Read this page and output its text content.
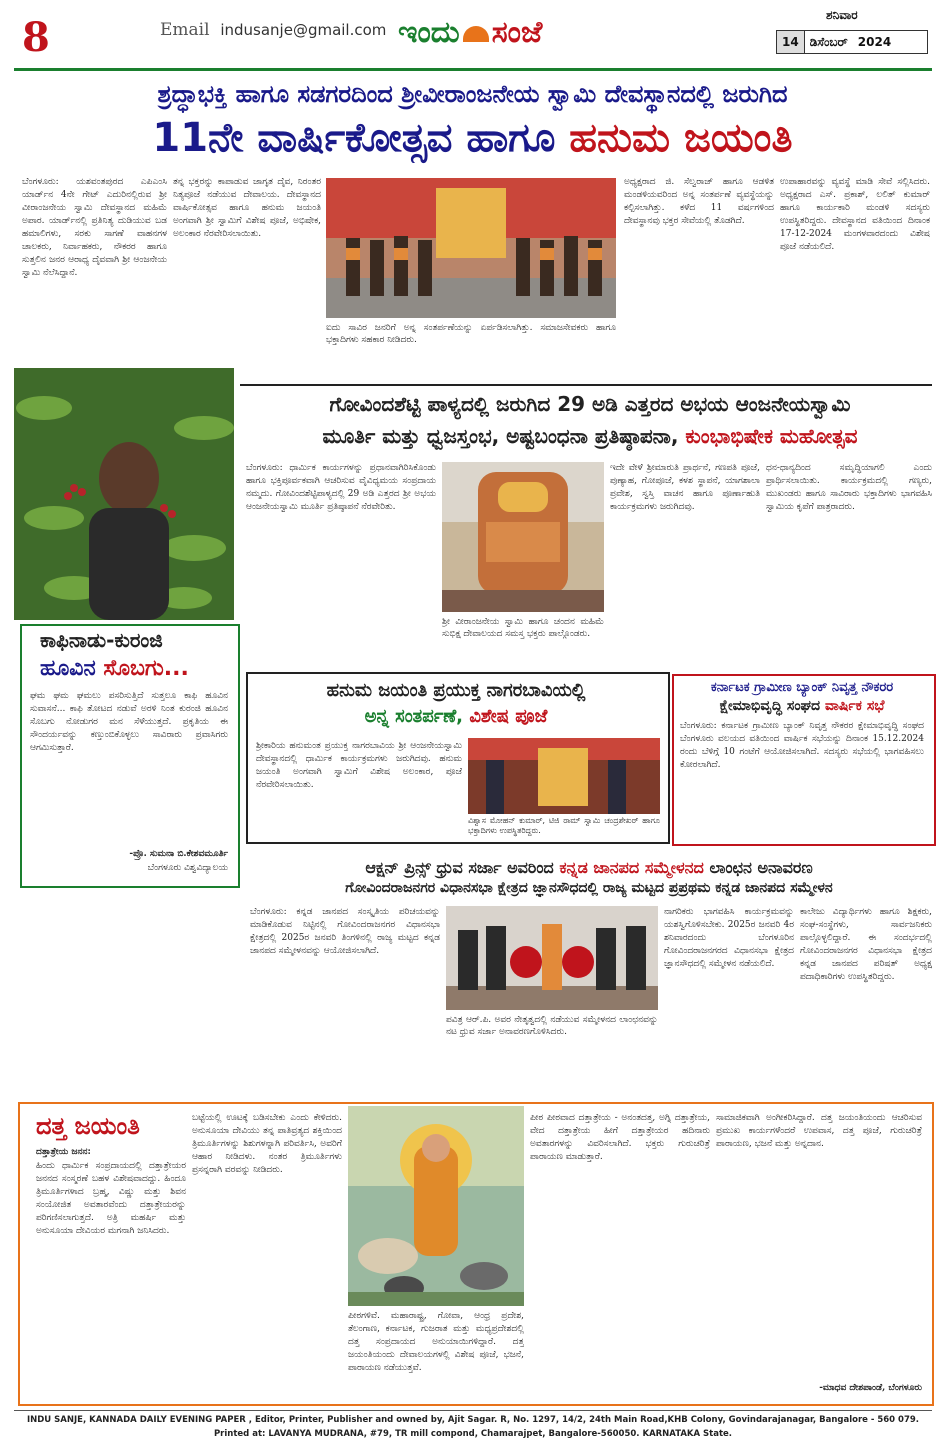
8	Email indusanje@gmail.com ಇಂದು ಸಂಜೆ	ಶನಿವಾರ
14 ಡಿಸೆಂಬರ್ 2024
ಶ್ರದ್ಧಾಭಕ್ತಿ ಹಾಗೂ ಸಡಗರದಿಂದ ಶ್ರೀವೀರಾಂಜನೇಯ ಸ್ವಾಮಿ ದೇವಸ್ಥಾನದಲ್ಲಿ ಜರುಗಿದ
11ನೇ ವಾರ್ಷಿಕೋತ್ಸವ ಹಾಗೂ ಹನುಮ ಜಯಂತಿ
ಬೆಂಗಳೂರು: ಯಶವಂತಪುರದ ಎಪಿಎಂಸಿ ಯಾರ್ಡ್‌ನ 4ನೇ ಗೇಟ್ ಎದುರಿನಲ್ಲಿರುವ ಶ್ರೀ ವೀರಾಂಜನೇಯ ಸ್ವಾಮಿ ದೇವಸ್ಥಾನದ ಮಹಿಮೆ ಅಪಾರ. ಯಾರ್ಡ್‌ನಲ್ಲಿ ಪ್ರತಿನಿತ್ಯ ದುಡಿಯುವ ಬಡ ಹಮಾಲಿಗಳು, ಸರಕು ಸಾಗಣೆ ವಾಹನಗಳ ಚಾಲಕರು, ನಿರ್ವಾಹಕರು, ನೌಕರರ ಹಾಗೂ ಸುತ್ತಲಿನ ಜನರ ಆರಾಧ್ಯ ದೈವವಾಗಿ ಶ್ರೀ ಆಂಜನೇಯ ಸ್ವಾಮಿ ನೆಲೆಸಿದ್ದಾನೆ.
ತನ್ನ ಭಕ್ತರನ್ನು ಕಾಪಾಡುವ ಜಾಗೃತ ದೈವ, ನಿರಂತರ ನಿತ್ಯಪೂಜೆ ನಡೆಯುವ ದೇವಾಲಯ. ದೇವಸ್ಥಾನದ ವಾರ್ಷಿಕೋತ್ಸವ ಹಾಗೂ ಹನುಮ ಜಯಂತಿ ಅಂಗವಾಗಿ ಶ್ರೀ ಸ್ವಾಮಿಗೆ ವಿಶೇಷ ಪೂಜೆ, ಅಭಿಷೇಕ, ಅಲಂಕಾರ ನೆರವೇರಿಸಲಾಯಿತು.
ಐದು ಸಾವಿರ ಜನರಿಗೆ ಅನ್ನ ಸಂತರ್ಪಣೆಯನ್ನು ಏರ್ಪಡಿಸಲಾಗಿತ್ತು. ಸಮಾಜಸೇವಕರು ಹಾಗೂ ಭಕ್ತಾದಿಗಳು ಸಹಕಾರ ನೀಡಿದರು.
ಅಧ್ಯಕ್ಷರಾದ ಜಿ. ಸೆಲ್ವರಾಜ್ ಹಾಗೂ ಆಡಳಿತ ಮಂಡಳಿಯವರಿಂದ ಅನ್ನ ಸಂತರ್ಪಣೆ ವ್ಯವಸ್ಥೆಯನ್ನು ಕಲ್ಪಿಸಲಾಗಿತ್ತು. ಕಳೆದ 11 ವರ್ಷಗಳಿಂದ ದೇವಸ್ಥಾನವು ಭಕ್ತರ ಸೇವೆಯಲ್ಲಿ ತೊಡಗಿದೆ.
ಉಪಾಹಾರವನ್ನು ವ್ಯವಸ್ಥೆ ಮಾಡಿ ಸೇವೆ ಸಲ್ಲಿಸಿದರು. ಅಧ್ಯಕ್ಷರಾದ ಎಸ್. ಪ್ರಕಾಶ್, ಲಲಿತ್ ಕುಮಾರ್ ಹಾಗೂ ಕಾರ್ಯಕಾರಿ ಮಂಡಳಿ ಸದಸ್ಯರು ಉಪಸ್ಥಿತರಿದ್ದರು. ದೇವಸ್ಥಾನದ ವತಿಯಿಂದ ದಿನಾಂಕ 17-12-2024 ಮಂಗಳವಾರದಂದು ವಿಶೇಷ ಪೂಜೆ ನಡೆಯಲಿದೆ.
ಕಾಫಿನಾಡು-ಕುರಂಜಿ
ಹೂವಿನ ಸೊಬಗು...
ಘಮ ಘಮ ಘಮಲು ಪಸರಿಸುತ್ತಿದೆ ಸುತ್ತಲೂ ಕಾಫಿ ಹೂವಿನ ಸುವಾಸನೆ... ಕಾಫಿ ತೋಟದ ನಡುವೆ ಅರಳಿ ನಿಂತ ಕುರಂಜಿ ಹೂವಿನ ಸೊಬಗು ನೋಡುಗರ ಮನ ಸೆಳೆಯುತ್ತದೆ. ಪ್ರಕೃತಿಯ ಈ ಸೌಂದರ್ಯವನ್ನು ಕಣ್ತುಂಬಿಕೊಳ್ಳಲು ಸಾವಿರಾರು ಪ್ರವಾಸಿಗರು ಆಗಮಿಸುತ್ತಾರೆ.
-ಪ್ರೊ. ಸುಮನಾ ಬಿ.ಕೇಶವಮೂರ್ತಿ
ಬೆಂಗಳೂರು ವಿಶ್ವವಿದ್ಯಾಲಯ
ಗೋವಿಂದಶೆಟ್ಟಿ ಪಾಳ್ಯದಲ್ಲಿ ಜರುಗಿದ 29 ಅಡಿ ಎತ್ತರದ ಅಭಯ ಆಂಜನೇಯಸ್ವಾಮಿ
ಮೂರ್ತಿ ಮತ್ತು ಧ್ವಜಸ್ತಂಭ, ಅಷ್ಟಬಂಧನಾ ಪ್ರತಿಷ್ಠಾಪನಾ, ಕುಂಭಾಭಿಷೇಕ ಮಹೋತ್ಸವ
ಬೆಂಗಳೂರು: ಧಾರ್ಮಿಕ ಕಾರ್ಯಗಳನ್ನು ಪ್ರಧಾನವಾಗಿರಿಸಿಕೊಂಡು ಹಾಗೂ ಭಕ್ತಿಪೂರ್ವಕವಾಗಿ ಆಚರಿಸುವ ವೈವಿಧ್ಯಮಯ ಸಂಪ್ರದಾಯ ನಮ್ಮದು. ಗೋವಿಂದಶೆಟ್ಟಿಪಾಳ್ಯದಲ್ಲಿ 29 ಅಡಿ ಎತ್ತರದ ಶ್ರೀ ಅಭಯ ಆಂಜನೇಯಸ್ವಾಮಿ ಮೂರ್ತಿ ಪ್ರತಿಷ್ಠಾಪನೆ ನೆರವೇರಿತು.
ಶ್ರೀ ವೀರಾಂಜನೇಯ ಸ್ವಾಮಿ ಹಾಗೂ ಚಂದನ ಮಹಿಮೆ ಸುಭಿಕ್ಷ ದೇವಾಲಯದ ಸಮಸ್ತ ಭಕ್ತರು ಪಾಲ್ಗೊಂಡರು.
ಇದೇ ವೇಳೆ ಶ್ರೀಮಾರುತಿ ಪ್ರಾರ್ಥನೆ, ಗಣಪತಿ ಪೂಜೆ, ಪುಣ್ಯಾಹ, ಗೋಪೂಜೆ, ಕಳಶ ಸ್ಥಾಪನೆ, ಯಾಗಶಾಲಾ ಪ್ರವೇಶ, ಸ್ವಸ್ತಿ ವಾಚನ ಹಾಗೂ ಪೂರ್ಣಾಹುತಿ ಕಾರ್ಯಕ್ರಮಗಳು ಜರುಗಿದವು.
ಧನ-ಧಾನ್ಯದಿಂದ ಸಮೃದ್ಧಿಯಾಗಲಿ ಎಂದು ಪ್ರಾರ್ಥಿಸಲಾಯಿತು. ಕಾರ್ಯಕ್ರಮದಲ್ಲಿ ಗಣ್ಯರು, ಮುಖಂಡರು ಹಾಗೂ ಸಾವಿರಾರು ಭಕ್ತಾದಿಗಳು ಭಾಗವಹಿಸಿ ಸ್ವಾಮಿಯ ಕೃಪೆಗೆ ಪಾತ್ರರಾದರು.
ಹನುಮ ಜಯಂತಿ ಪ್ರಯುಕ್ತ ನಾಗರಬಾವಿಯಲ್ಲಿ
ಅನ್ನ ಸಂತರ್ಪಣೆ, ವಿಶೇಷ ಪೂಜೆ
ಶ್ರೀಕಾರಿಯ ಹನುಮಂತ ಪ್ರಯುಕ್ತ ನಾಗರಬಾವಿಯ ಶ್ರೀ ಆಂಜನೇಯಸ್ವಾಮಿ ದೇವಸ್ಥಾನದಲ್ಲಿ ಧಾರ್ಮಿಕ ಕಾರ್ಯಕ್ರಮಗಳು ಜರುಗಿದವು. ಹನುಮ ಜಯಂತಿ ಅಂಗವಾಗಿ ಸ್ವಾಮಿಗೆ ವಿಶೇಷ ಅಲಂಕಾರ, ಪೂಜೆ ನೆರವೇರಿಸಲಾಯಿತು.
ವಿಶ್ವಾಸ ಮೋಹನ್ ಕುಮಾರ್, ಟಿಜಿ ರಾಮ್ ಸ್ವಾಮಿ ಚಂದ್ರಶೇಖರ್ ಹಾಗೂ ಭಕ್ತಾದಿಗಳು ಉಪಸ್ಥಿತರಿದ್ದರು.
ಕರ್ನಾಟಕ ಗ್ರಾಮೀಣ ಬ್ಯಾಂಕ್ ನಿವೃತ್ತ ನೌಕರರ
ಕ್ಷೇಮಾಭಿವೃದ್ಧಿ ಸಂಘದ ವಾರ್ಷಿಕ ಸಭೆ
ಬೆಂಗಳೂರು: ಕರ್ನಾಟಕ ಗ್ರಾಮೀಣ ಬ್ಯಾಂಕ್ ನಿವೃತ್ತ ನೌಕರರ ಕ್ಷೇಮಾಭಿವೃದ್ಧಿ ಸಂಘದ ಬೆಂಗಳೂರು ವಲಯದ ವತಿಯಿಂದ ವಾರ್ಷಿಕ ಸಭೆಯನ್ನು ದಿನಾಂಕ 15.12.2024 ರಂದು ಬೆಳಿಗ್ಗೆ 10 ಗಂಟೆಗೆ ಆಯೋಜಿಸಲಾಗಿದೆ. ಸದಸ್ಯರು ಸಭೆಯಲ್ಲಿ ಭಾಗವಹಿಸಲು ಕೋರಲಾಗಿದೆ.
ಆಕ್ಷನ್ ಪ್ರಿನ್ಸ್ ಧ್ರುವ ಸರ್ಜಾ ಅವರಿಂದ ಕನ್ನಡ ಜಾನಪದ ಸಮ್ಮೇಳನದ ಲಾಂಛನ ಅನಾವರಣ
ಗೋವಿಂದರಾಜನಗರ ವಿಧಾನಸಭಾ ಕ್ಷೇತ್ರದ ಜ್ಞಾನಸೌಧದಲ್ಲಿ ರಾಜ್ಯ ಮಟ್ಟದ ಪ್ರಪ್ರಥಮ ಕನ್ನಡ ಜಾನಪದ ಸಮ್ಮೇಳನ
ಬೆಂಗಳೂರು: ಕನ್ನಡ ಜಾನಪದ ಸಂಸ್ಕೃತಿಯ ಪರಿಚಯವನ್ನು ಮಾಡಿಕೊಡುವ ನಿಟ್ಟಿನಲ್ಲಿ ಗೋವಿಂದರಾಜನಗರ ವಿಧಾನಸಭಾ ಕ್ಷೇತ್ರದಲ್ಲಿ 2025ರ ಜನವರಿ ತಿಂಗಳಿನಲ್ಲಿ ರಾಜ್ಯ ಮಟ್ಟದ ಕನ್ನಡ ಜಾನಪದ ಸಮ್ಮೇಳನವನ್ನು ಆಯೋಜಿಸಲಾಗಿದೆ.
ಪವಿತ್ರ ಆರ್.ಪಿ. ಅವರ ನೇತೃತ್ವದಲ್ಲಿ ನಡೆಯುವ ಸಮ್ಮೇಳನದ ಲಾಂಛನವನ್ನು ನಟ ಧ್ರುವ ಸರ್ಜಾ ಅನಾವರಣಗೊಳಿಸಿದರು.
ನಾಗರಿಕರು ಭಾಗವಹಿಸಿ ಕಾರ್ಯಕ್ರಮವನ್ನು ಯಶಸ್ವಿಗೊಳಿಸಬೇಕು. 2025ರ ಜನವರಿ 4ರ ಶನಿವಾರದಂದು ಬೆಂಗಳೂರಿನ ಗೋವಿಂದರಾಜನಗರದ ವಿಧಾನಸಭಾ ಕ್ಷೇತ್ರದ ಜ್ಞಾನಸೌಧದಲ್ಲಿ ಸಮ್ಮೇಳನ ನಡೆಯಲಿದೆ.
ಕಾಲೇಜು ವಿದ್ಯಾರ್ಥಿಗಳು ಹಾಗೂ ಶಿಕ್ಷಕರು, ಸಂಘ-ಸಂಸ್ಥೆಗಳು, ಸಾರ್ವಜನಿಕರು ಪಾಲ್ಗೊಳ್ಳಲಿದ್ದಾರೆ. ಈ ಸಂದರ್ಭದಲ್ಲಿ ಗೋವಿಂದರಾಜನಗರ ವಿಧಾನಸಭಾ ಕ್ಷೇತ್ರದ ಕನ್ನಡ ಜಾನಪದ ಪರಿಷತ್ ಅಧ್ಯಕ್ಷ ಪದಾಧಿಕಾರಿಗಳು ಉಪಸ್ಥಿತರಿದ್ದರು.
ದತ್ತ ಜಯಂತಿ
ದತ್ತಾತ್ರೇಯ ಜನನ:
ಹಿಂದು ಧಾರ್ಮಿಕ ಸಂಪ್ರದಾಯದಲ್ಲಿ ದತ್ತಾತ್ರೇಯರ ಜನನದ ಸಂಸ್ಮರಣೆ ಬಹಳ ವಿಶೇಷವಾದದ್ದು. ಹಿಂದೂ ತ್ರಿಮೂರ್ತಿಗಳಾದ ಬ್ರಹ್ಮ, ವಿಷ್ಣು ಮತ್ತು ಶಿವನ ಸಂಯೋಜಿತ ಅವತಾರವೆಂದು ದತ್ತಾತ್ರೇಯರನ್ನು ಪರಿಗಣಿಸಲಾಗುತ್ತದೆ. ಅತ್ರಿ ಮಹರ್ಷಿ ಮತ್ತು ಅನುಸೂಯಾ ದೇವಿಯರ ಮಗನಾಗಿ ಜನಿಸಿದರು.
ಬಟ್ಟೆಯಲ್ಲಿ ಊಟಕ್ಕೆ ಬಡಿಸಬೇಕು ಎಂದು ಕೇಳಿದರು. ಅನುಸೂಯಾ ದೇವಿಯು ತನ್ನ ಪಾತಿವ್ರತ್ಯದ ಶಕ್ತಿಯಿಂದ ತ್ರಿಮೂರ್ತಿಗಳನ್ನು ಶಿಶುಗಳನ್ನಾಗಿ ಪರಿವರ್ತಿಸಿ, ಅವರಿಗೆ ಆಹಾರ ನೀಡಿದಳು. ನಂತರ ತ್ರಿಮೂರ್ತಿಗಳು ಪ್ರಸನ್ನರಾಗಿ ವರವನ್ನು ನೀಡಿದರು.
ಪೀಠಗಳಿವೆ. ಮಹಾರಾಷ್ಟ್ರ, ಗೋವಾ, ಆಂಧ್ರ ಪ್ರದೇಶ, ತೆಲಂಗಾಣ, ಕರ್ನಾಟಕ, ಗುಜರಾತ ಮತ್ತು ಮಧ್ಯಪ್ರದೇಶದಲ್ಲಿ ದತ್ತ ಸಂಪ್ರದಾಯದ ಅನುಯಾಯಿಗಳಿದ್ದಾರೆ. ದತ್ತ ಜಯಂತಿಯಂದು ದೇವಾಲಯಗಳಲ್ಲಿ ವಿಶೇಷ ಪೂಜೆ, ಭಜನೆ, ಪಾರಾಯಣ ನಡೆಯುತ್ತವೆ.
ಪೀಠ ಪೀಠವಾದ ದತ್ತಾತ್ರೇಯ - ಅನಂತದತ್ತ, ಅಗ್ನಿ ದತ್ತಾತ್ರೇಯ, ವೇದ ದತ್ತಾತ್ರೇಯ ಹೀಗೆ ದತ್ತಾತ್ರೇಯರ ಹದಿನಾರು ಅವತಾರಗಳನ್ನು ವಿವರಿಸಲಾಗಿದೆ. ಭಕ್ತರು ಗುರುಚರಿತ್ರೆ ಪಾರಾಯಣ ಮಾಡುತ್ತಾರೆ.
ಸಾಮಾಜಿಕವಾಗಿ ಅಂಗೀಕರಿಸಿದ್ದಾರೆ. ದತ್ತ ಜಯಂತಿಯಂದು ಆಚರಿಸುವ ಪ್ರಮುಖ ಕಾರ್ಯಗಳೆಂದರೆ ಉಪವಾಸ, ದತ್ತ ಪೂಜೆ, ಗುರುಚರಿತ್ರೆ ಪಾರಾಯಣ, ಭಜನೆ ಮತ್ತು ಅನ್ನದಾನ.
-ಮಾಧವ ದೇಶಪಾಂಡೆ, ಬೆಂಗಳೂರು
INDU SANJE, KANNADA DAILY EVENING PAPER , Editor, Printer, Publisher and owned by, Ajit Sagar. R, No. 1297, 14/2, 24th Main Road,KHB Colony, Govindarajanagar, Bangalore - 560 079.
Printed at: LAVANYA MUDRANA, #79, TR mill compond, Chamarajpet, Bangalore-560050. KARNATAKA State.
